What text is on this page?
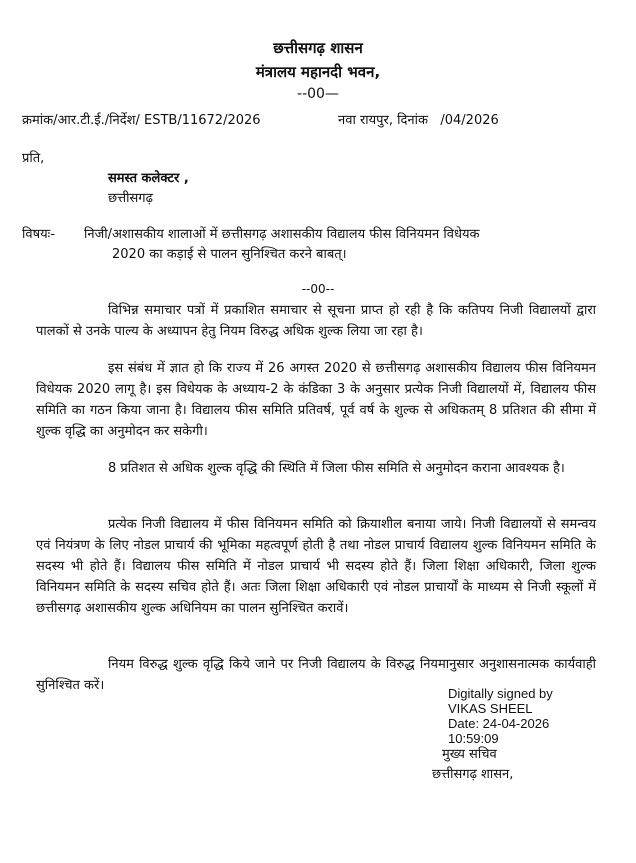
छत्तीसगढ़ शासन
मंत्रालय महानदी भवन,
--00—
क्रमांक/आर.टी.ई./निर्देश/ ESTB/11672/2026	नवा रायपुर, दिनांक   /04/2026
प्रति,
समस्त कलेक्टर ,
छत्तीसगढ़
विषयः- निजी/अशासकीय शालाओं में छत्तीसगढ़ अशासकीय विद्यालय फीस विनियमन विधेयक
2020 का कड़ाई से पालन सुनिश्चित करने बाबत्।
--00--
विभिन्न समाचार पत्रों में प्रकाशित समाचार से सूचना प्राप्त हो रही है कि कतिपय निजी विद्यालयों द्वारा पालकों से उनके पाल्य के अध्यापन हेतु नियम विरुद्ध अधिक शुल्क लिया जा रहा है।
इस संबंध में ज्ञात हो कि राज्य में 26 अगस्त 2020 से छत्तीसगढ़ अशासकीय विद्यालय फीस विनियमन विधेयक 2020 लागू है। इस विधेयक के अध्याय-2 के कंडिका 3 के अनुसार प्रत्येक निजी विद्यालयों में, विद्यालय फीस समिति का गठन किया जाना है। विद्यालय फीस समिति प्रतिवर्ष, पूर्व वर्ष के शुल्क से अधिकतम् 8 प्रतिशत की सीमा में शुल्क वृद्धि का अनुमोदन कर सकेगी।
8 प्रतिशत से अधिक शुल्क वृद्धि की स्थिति में जिला फीस समिति से अनुमोदन कराना आवश्यक है।
प्रत्येक निजी विद्यालय में फीस विनियमन समिति को क्रियाशील बनाया जाये। निजी विद्यालयों से समन्वय एवं नियंत्रण के लिए नोडल प्राचार्य की भूमिका महत्वपूर्ण होती है तथा नोडल प्राचार्य विद्यालय शुल्क विनियमन समिति के सदस्य भी होते हैं। विद्यालय फीस समिति में नोडल प्राचार्य भी सदस्य होते हैं। जिला शिक्षा अधिकारी, जिला शुल्क विनियमन समिति के सदस्य सचिव होते हैं। अतः जिला शिक्षा अधिकारी एवं नोडल प्राचार्यों के माध्यम से निजी स्कूलों में छत्तीसगढ़ अशासकीय शुल्क अधिनियम का पालन सुनिश्चित करावें।
नियम विरुद्ध शुल्क वृद्धि किये जाने पर निजी विद्यालय के विरुद्ध नियमानुसार अनुशासनात्मक कार्यवाही सुनिश्चित करें।
Digitally signed by
VIKAS SHEEL
Date: 24-04-2026
10:59:09
मुख्य सचिव
छत्तीसगढ़ शासन,
